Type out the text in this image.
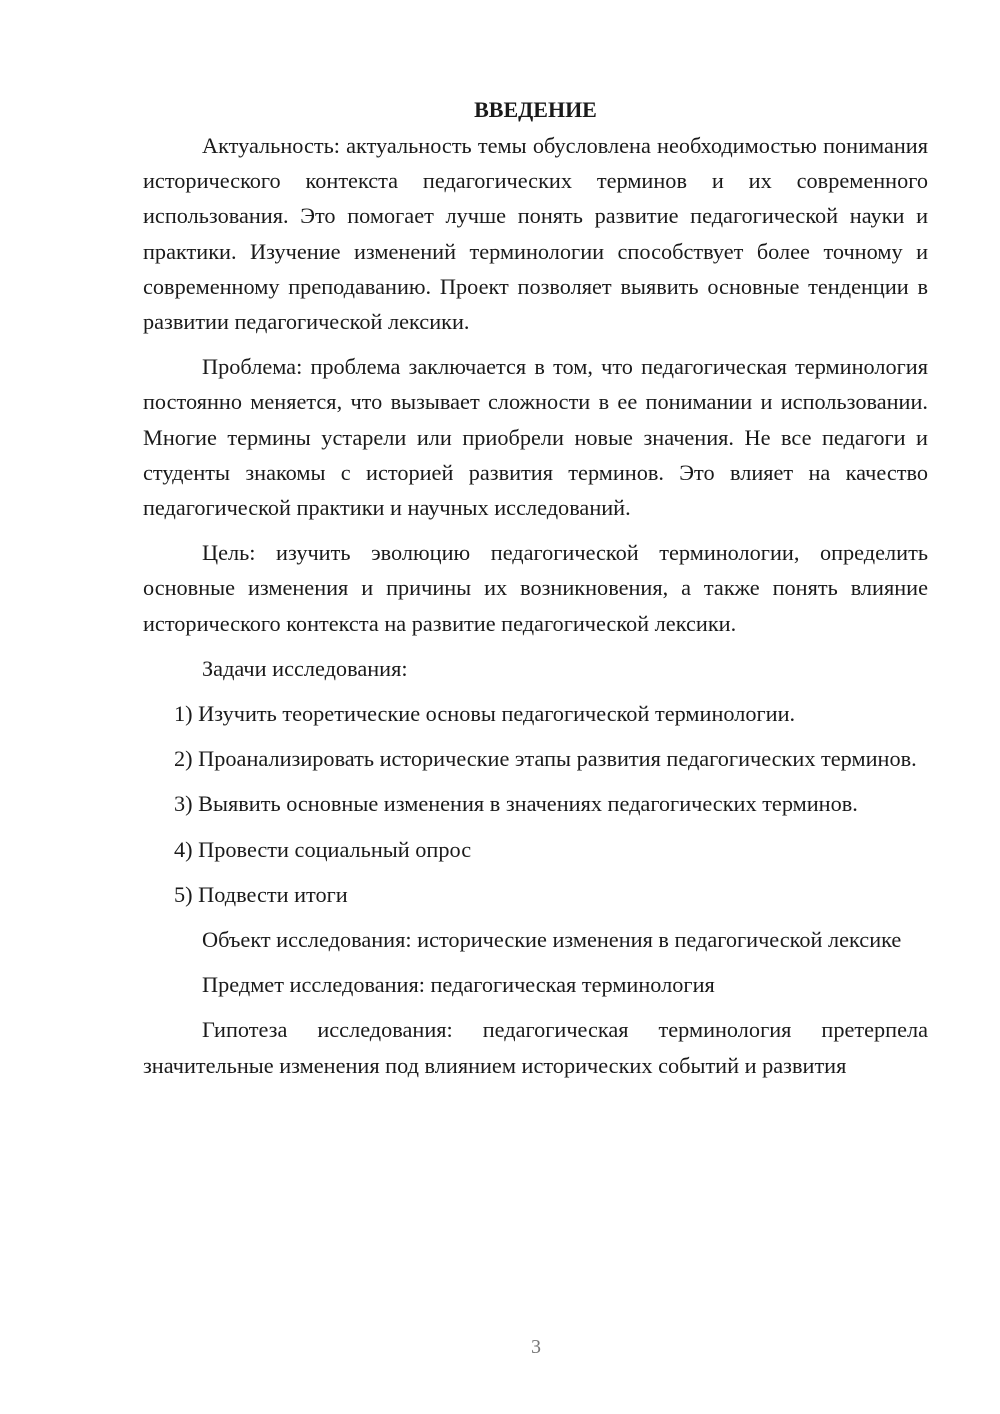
ВВЕДЕНИЕ

Актуальность: актуальность темы обусловлена необходимостью понимания исторического контекста педагогических терминов и их современного использования. Это помогает лучше понять развитие педагогической науки и практики. Изучение изменений терминологии способствует более точному и современному преподаванию. Проект позволяет выявить основные тенденции в развитии педагогической лексики.

Проблема: проблема заключается в том, что педагогическая терминология постоянно меняется, что вызывает сложности в ее понимании и использовании. Многие термины устарели или приобрели новые значения. Не все педагоги и студенты знакомы с историей развития терминов. Это влияет на качество педагогической практики и научных исследований.

Цель: изучить эволюцию педагогической терминологии, определить основные изменения и причины их возникновения, а также понять влияние исторического контекста на развитие педагогической лексики.

Задачи исследования:

1) Изучить теоретические основы педагогической терминологии.

2) Проанализировать исторические этапы развития педагогических терминов.

3) Выявить основные изменения в значениях педагогических терминов.

4) Провести социальный опрос

5) Подвести итоги

Объект исследования: исторические изменения в педагогической лексике

Предмет исследования: педагогическая терминология

Гипотеза исследования: педагогическая терминология претерпела значительные изменения под влиянием исторических событий и развития

3
